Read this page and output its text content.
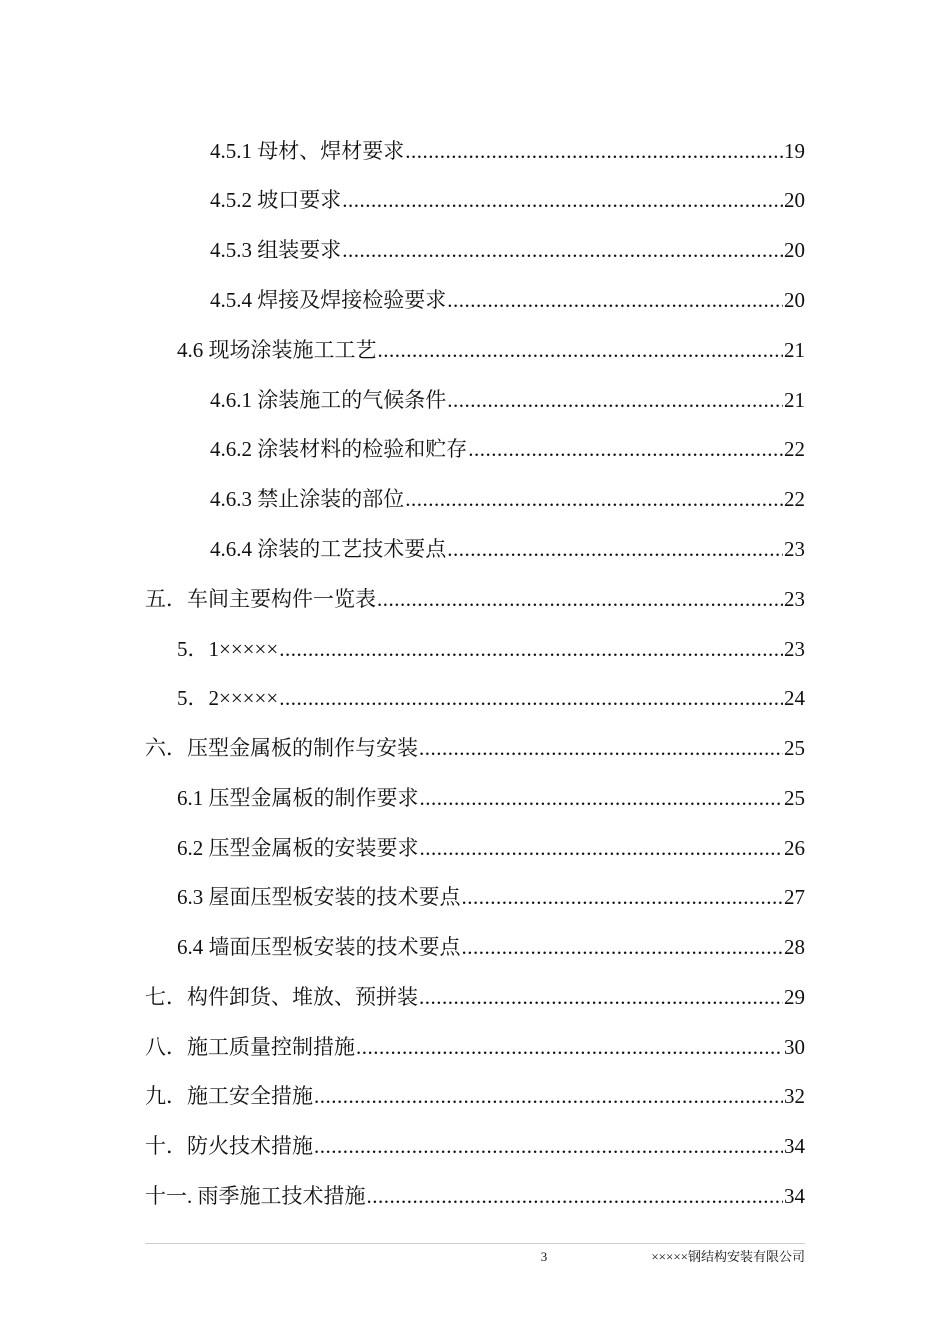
4.5.1 母材、焊材要求 .....	19
4.5.2 坡口要求 .....	20
4.5.3 组装要求 .....	20
4.5.4 焊接及焊接检验要求 .....	20
4.6 现场涂装施工工艺 .....	21
4.6.1 涂装施工的气候条件 .....	21
4.6.2 涂装材料的检验和贮存 .....	22
4.6.3 禁止涂装的部位 .....	22
4.6.4 涂装的工艺技术要点 .....	23
五．车间主要构件一览表 .....	23
5．1××××× .....	23
5．2××××× .....	24
六．压型金属板的制作与安装 .....	25
6.1 压型金属板的制作要求 .....	25
6.2 压型金属板的安装要求 .....	26
6.3 屋面压型板安装的技术要点 .....	27
6.4 墙面压型板安装的技术要点 .....	28
七．构件卸货、堆放、预拼装 .....	29
八．施工质量控制措施 .....	30
九．施工安全措施 .....	32
十．防火技术措施 .....	34
十一. 雨季施工技术措施 .....	34
3	×××××钢结构安装有限公司
